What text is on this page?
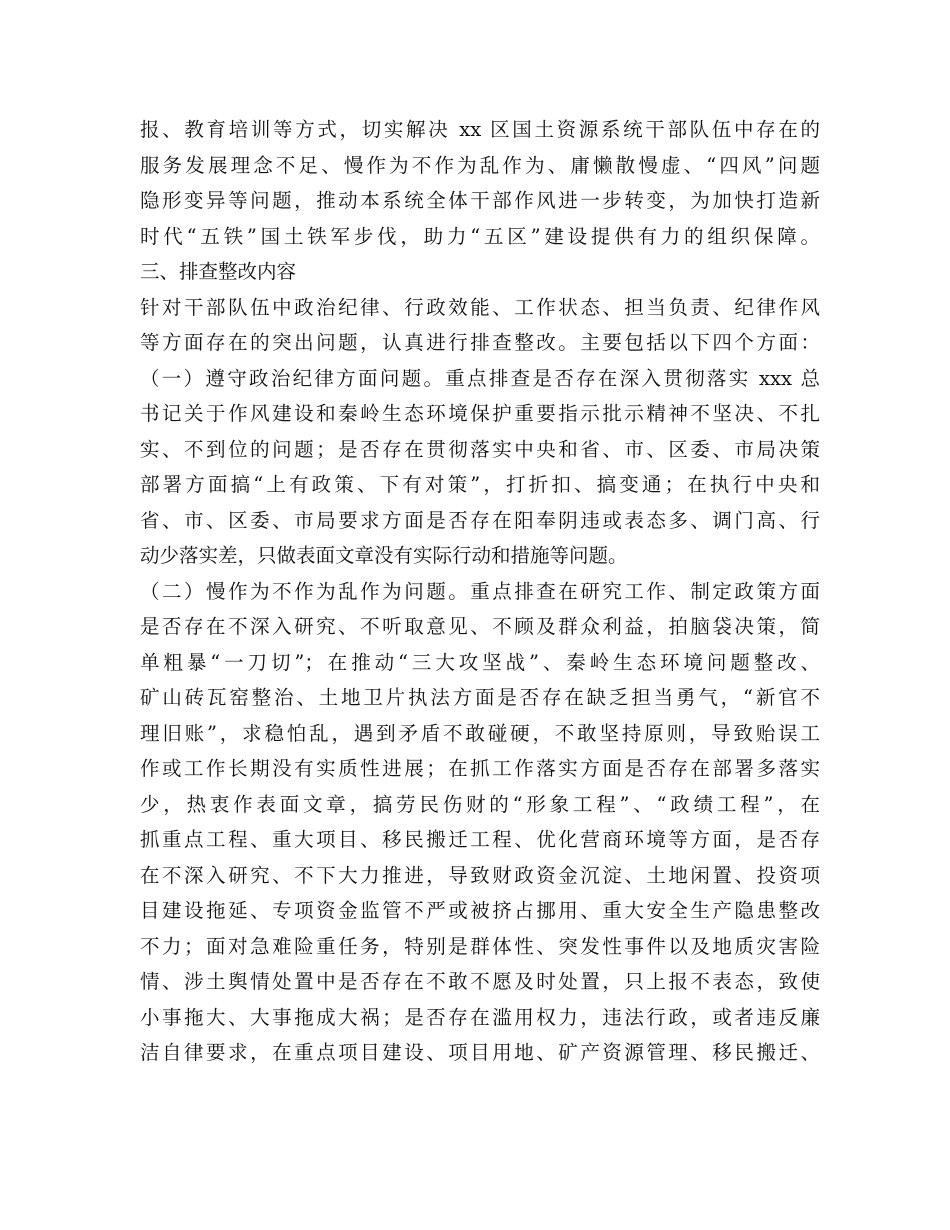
报、教育培训等方式，切实解决 xx 区国土资源系统干部队伍中存在的
服务发展理念不足、慢作为不作为乱作为、庸懒散慢虚、“四风”问题
隐形变异等问题，推动本系统全体干部作风进一步转变，为加快打造新
时代“五铁”国土铁军步伐，助力“五区”建设提供有力的组织保障。
三、排查整改内容
针对干部队伍中政治纪律、行政效能、工作状态、担当负责、纪律作风
等方面存在的突出问题，认真进行排查整改。主要包括以下四个方面：
（一）遵守政治纪律方面问题。重点排查是否存在深入贯彻落实 xxx 总
书记关于作风建设和秦岭生态环境保护重要指示批示精神不坚决、不扎
实、不到位的问题；是否存在贯彻落实中央和省、市、区委、市局决策
部署方面搞“上有政策、下有对策”，打折扣、搞变通；在执行中央和
省、市、区委、市局要求方面是否存在阳奉阴违或表态多、调门高、行
动少落实差，只做表面文章没有实际行动和措施等问题。
（二）慢作为不作为乱作为问题。重点排查在研究工作、制定政策方面
是否存在不深入研究、不听取意见、不顾及群众利益，拍脑袋决策，简
单粗暴“一刀切”；在推动“三大攻坚战”、秦岭生态环境问题整改、
矿山砖瓦窑整治、土地卫片执法方面是否存在缺乏担当勇气，“新官不
理旧账”，求稳怕乱，遇到矛盾不敢碰硬，不敢坚持原则，导致贻误工
作或工作长期没有实质性进展；在抓工作落实方面是否存在部署多落实
少，热衷作表面文章，搞劳民伤财的“形象工程”、“政绩工程”，在
抓重点工程、重大项目、移民搬迁工程、优化营商环境等方面，是否存
在不深入研究、不下大力推进，导致财政资金沉淀、土地闲置、投资项
目建设拖延、专项资金监管不严或被挤占挪用、重大安全生产隐患整改
不力；面对急难险重任务，特别是群体性、突发性事件以及地质灾害险
情、涉土舆情处置中是否存在不敢不愿及时处置，只上报不表态，致使
小事拖大、大事拖成大祸；是否存在滥用权力，违法行政，或者违反廉
洁自律要求，在重点项目建设、项目用地、矿产资源管理、移民搬迁、
